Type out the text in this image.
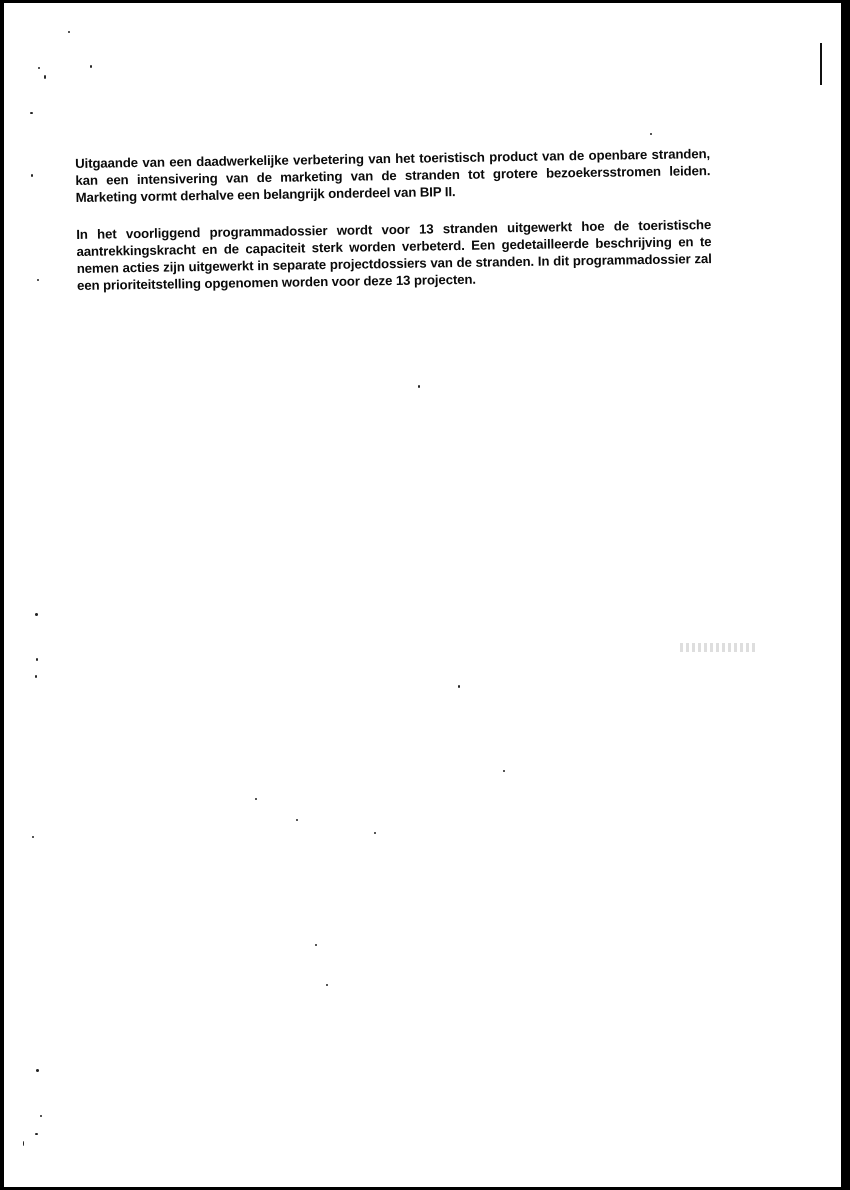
Uitgaande van een daadwerkelijke verbetering van het toeristisch product van de openbare stranden, kan een intensivering van de marketing van de stranden tot grotere bezoekersstromen leiden. Marketing vormt derhalve een belangrijk onderdeel van BIP II.

In het voorliggend programmadossier wordt voor 13 stranden uitgewerkt hoe de toeristische aantrekkingskracht en de capaciteit sterk worden verbeterd. Een gedetailleerde beschrijving en te nemen acties zijn uitgewerkt in separate projectdossiers van de stranden. In dit programmadossier zal een prioriteitstelling opgenomen worden voor deze 13 projecten.
